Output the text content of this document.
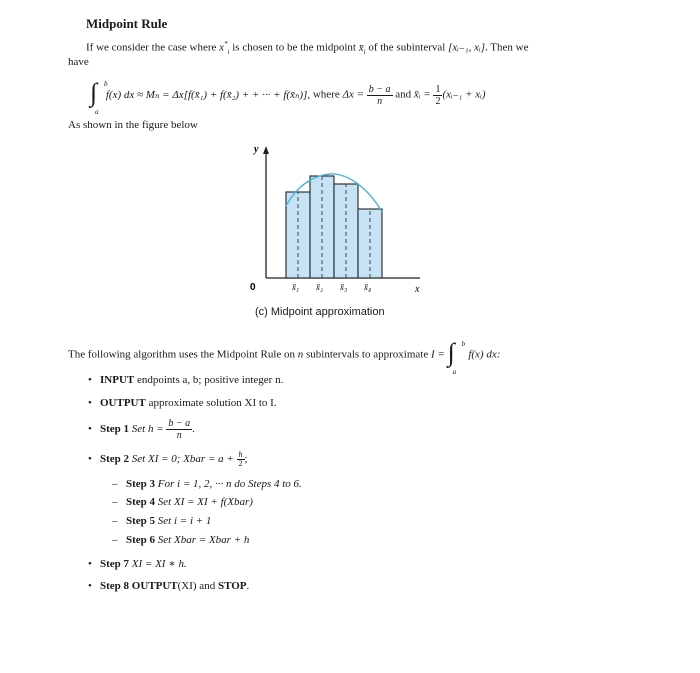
Midpoint Rule
If we consider the case where $x^*_i$ is chosen to be the midpoint $x̄_i$ of the subinterval [xᵢ₋₁, xᵢ]. Then we
have
∫ b
a
f(x) dx ≈ Mₙ = Δx[f(x̄₁) + f(x̄₂) + + ··· + f(x̄ₙ)], where $\Delta x = \frac{b - a}{n}$ and x̄ᵢ = $\frac{1}{2}$ (xᵢ₋₁ + xᵢ)
As shown in the figure below
0
y
x
x̄₁ x̄₂ x̄₃ x̄₄
(c) Midpoint approximation
The following algorithm uses the Midpoint Rule on n subintervals to approximate I = ∫ b
a
f(x) dx:
• INPUT endpoints a, b; positive integer n.
• OUTPUT approximate solution XI to I.
• Step 1 Set $h = \frac{b - a}{n}$ .
• Step 2 Set XI = 0; Xbar = $a + \frac{h}{2}$ ;
– Step 3 For i = 1, 2, ··· n do Steps 4 to 6.
– Step 4 Set XI = XI + f(Xbar)
– Step 5 Set i = i + 1
– Step 6 Set Xbar = Xbar + h
• Step 7 XI = XI ∗ h.
• Step 8 OUTPUT(XI) and STOP.
